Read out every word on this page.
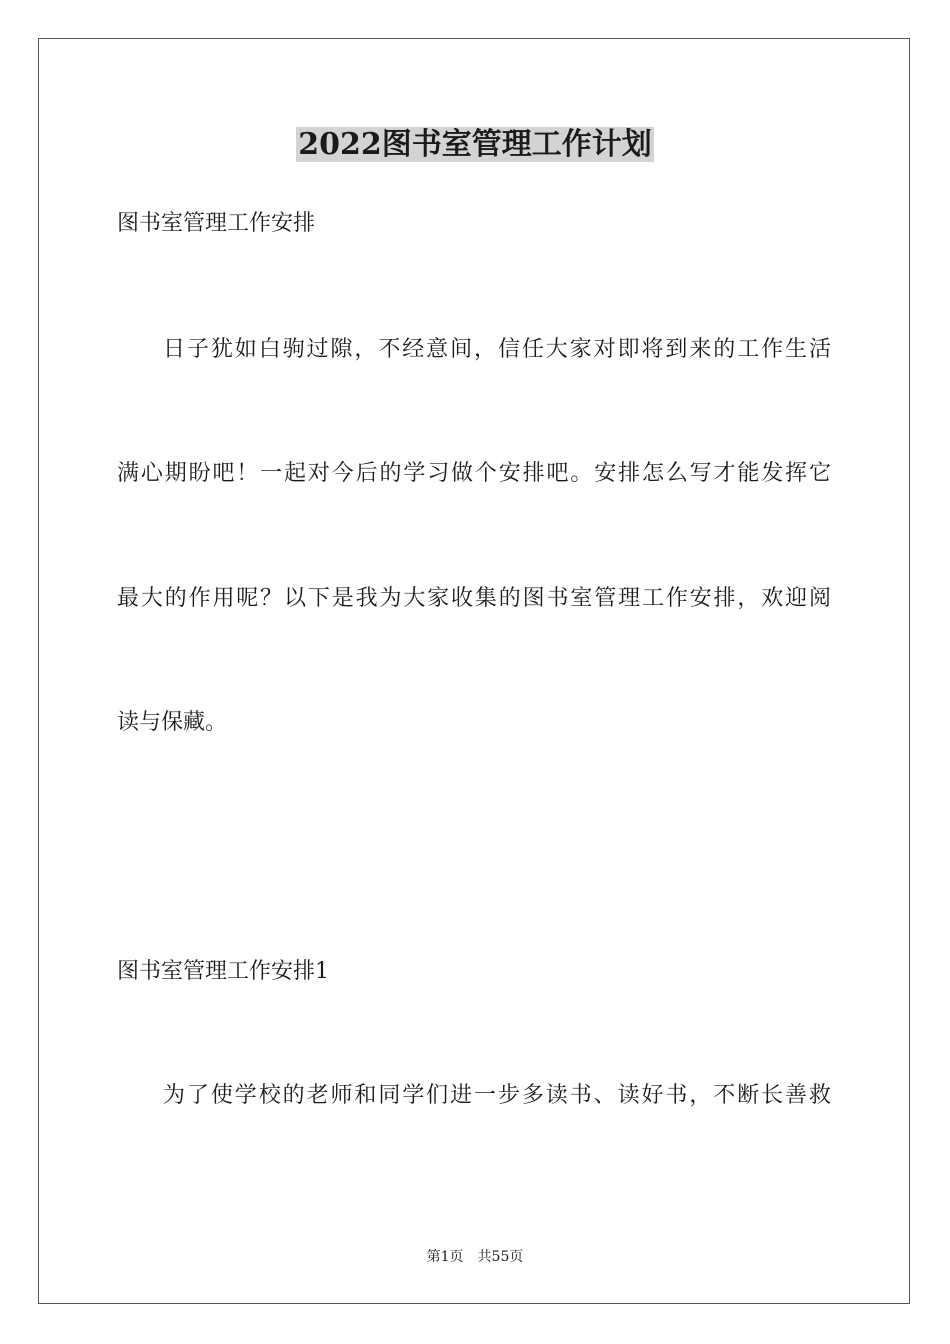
2022图书室管理工作计划

图书室管理工作安排

日子犹如白驹过隙，不经意间，信任大家对即将到来的工作生活

满心期盼吧！一起对今后的学习做个安排吧。安排怎么写才能发挥它

最大的作用呢？以下是我为大家收集的图书室管理工作安排，欢迎阅

读与保藏。

图书室管理工作安排1

为了使学校的老师和同学们进一步多读书、读好书，不断长善救

第1页　共55页
